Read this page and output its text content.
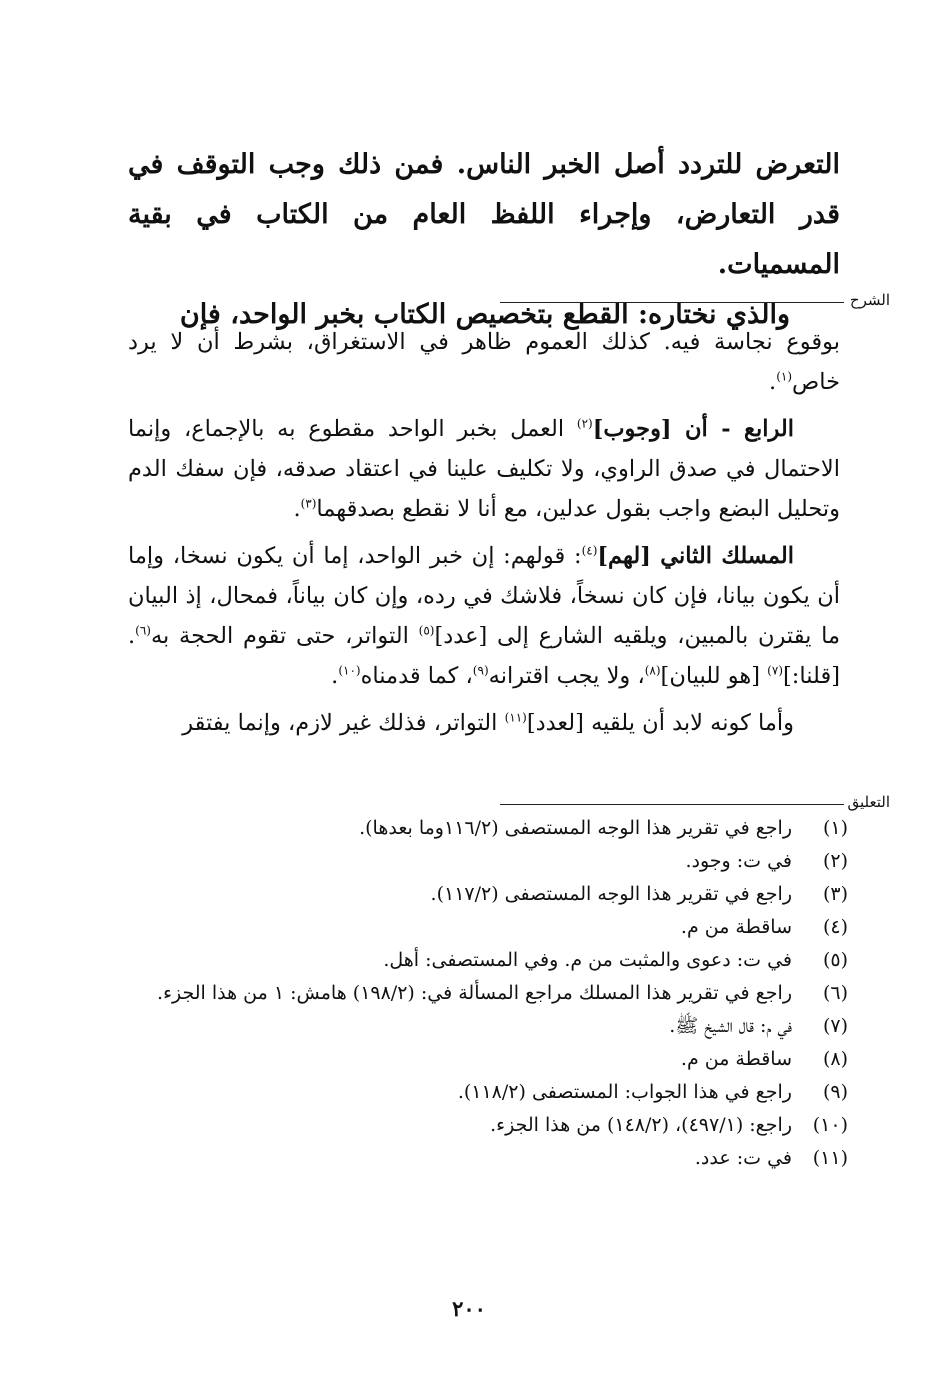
التعرض للتردد أصل الخبر الناس. فمن ذلك وجب التوقف في قدر التعارض، وإجراء اللفظ العام من الكتاب في بقية المسميات.

والذي نختاره: القطع بتخصيص الكتاب بخبر الواحد، فإن	الشرح

بوقوع نجاسة فيه. كذلك العموم ظاهر في الاستغراق، بشرط أن لا يرد خاص$^{(١)}$.

الرابع - أن [وجوب]$^{(٢)}$ العمل بخبر الواحد مقطوع به بالإجماع، وإنما الاحتمال في صدق الراوي، ولا تكليف علينا في اعتقاد صدقه، فإن سفك الدم وتحليل البضع واجب بقول عدلين، مع أنا لا نقطع بصدقهما$^{(٣)}$.

المسلك الثاني [لهم]$^{(٤)}$: قولهم: إن خبر الواحد، إما أن يكون نسخا، وإما أن يكون بيانا، فإن كان نسخاً، فلاشك في رده، وإن كان بياناً، فمحال، إذ البيان ما يقترن بالمبين، ويلقيه الشارع إلى [عدد]$^{(٥)}$ التواتر، حتى تقوم الحجة به$^{(٦)}$. [قلنا:]$^{(٧)}$ [هو للبيان]$^{(٨)}$، ولا يجب اقترانه$^{(٩)}$، كما قدمناه$^{(١٠)}$.

وأما كونه لابد أن يلقيه [لعدد]$^{(١١)}$ التواتر، فذلك غير لازم، وإنما يفتقر

التعليق
(١)
راجع في تقرير هذا الوجه المستصفى (١١٦/٢وما بعدها).
(٢)
في ت: وجود.
(٣)
راجع في تقرير هذا الوجه المستصفى (١١٧/٢).
(٤)
ساقطة من م.
(٥)
في ت: دعوى والمثبت من م. وفي المستصفى: أهل.
(٦)
راجع في تقرير هذا المسلك مراجع المسألة في: (١٩٨/٢) هامش: ١ من هذا الجزء.
(٧)
في م: قال الشيخ ﷺ.
(٨)
ساقطة من م.
(٩)
راجع في هذا الجواب: المستصفى (١١٨/٢).
(١٠)
راجع: (٤٩٧/١)، (١٤٨/٢) من هذا الجزء.
(١١)
في ت: عدد.
٢٠٠
